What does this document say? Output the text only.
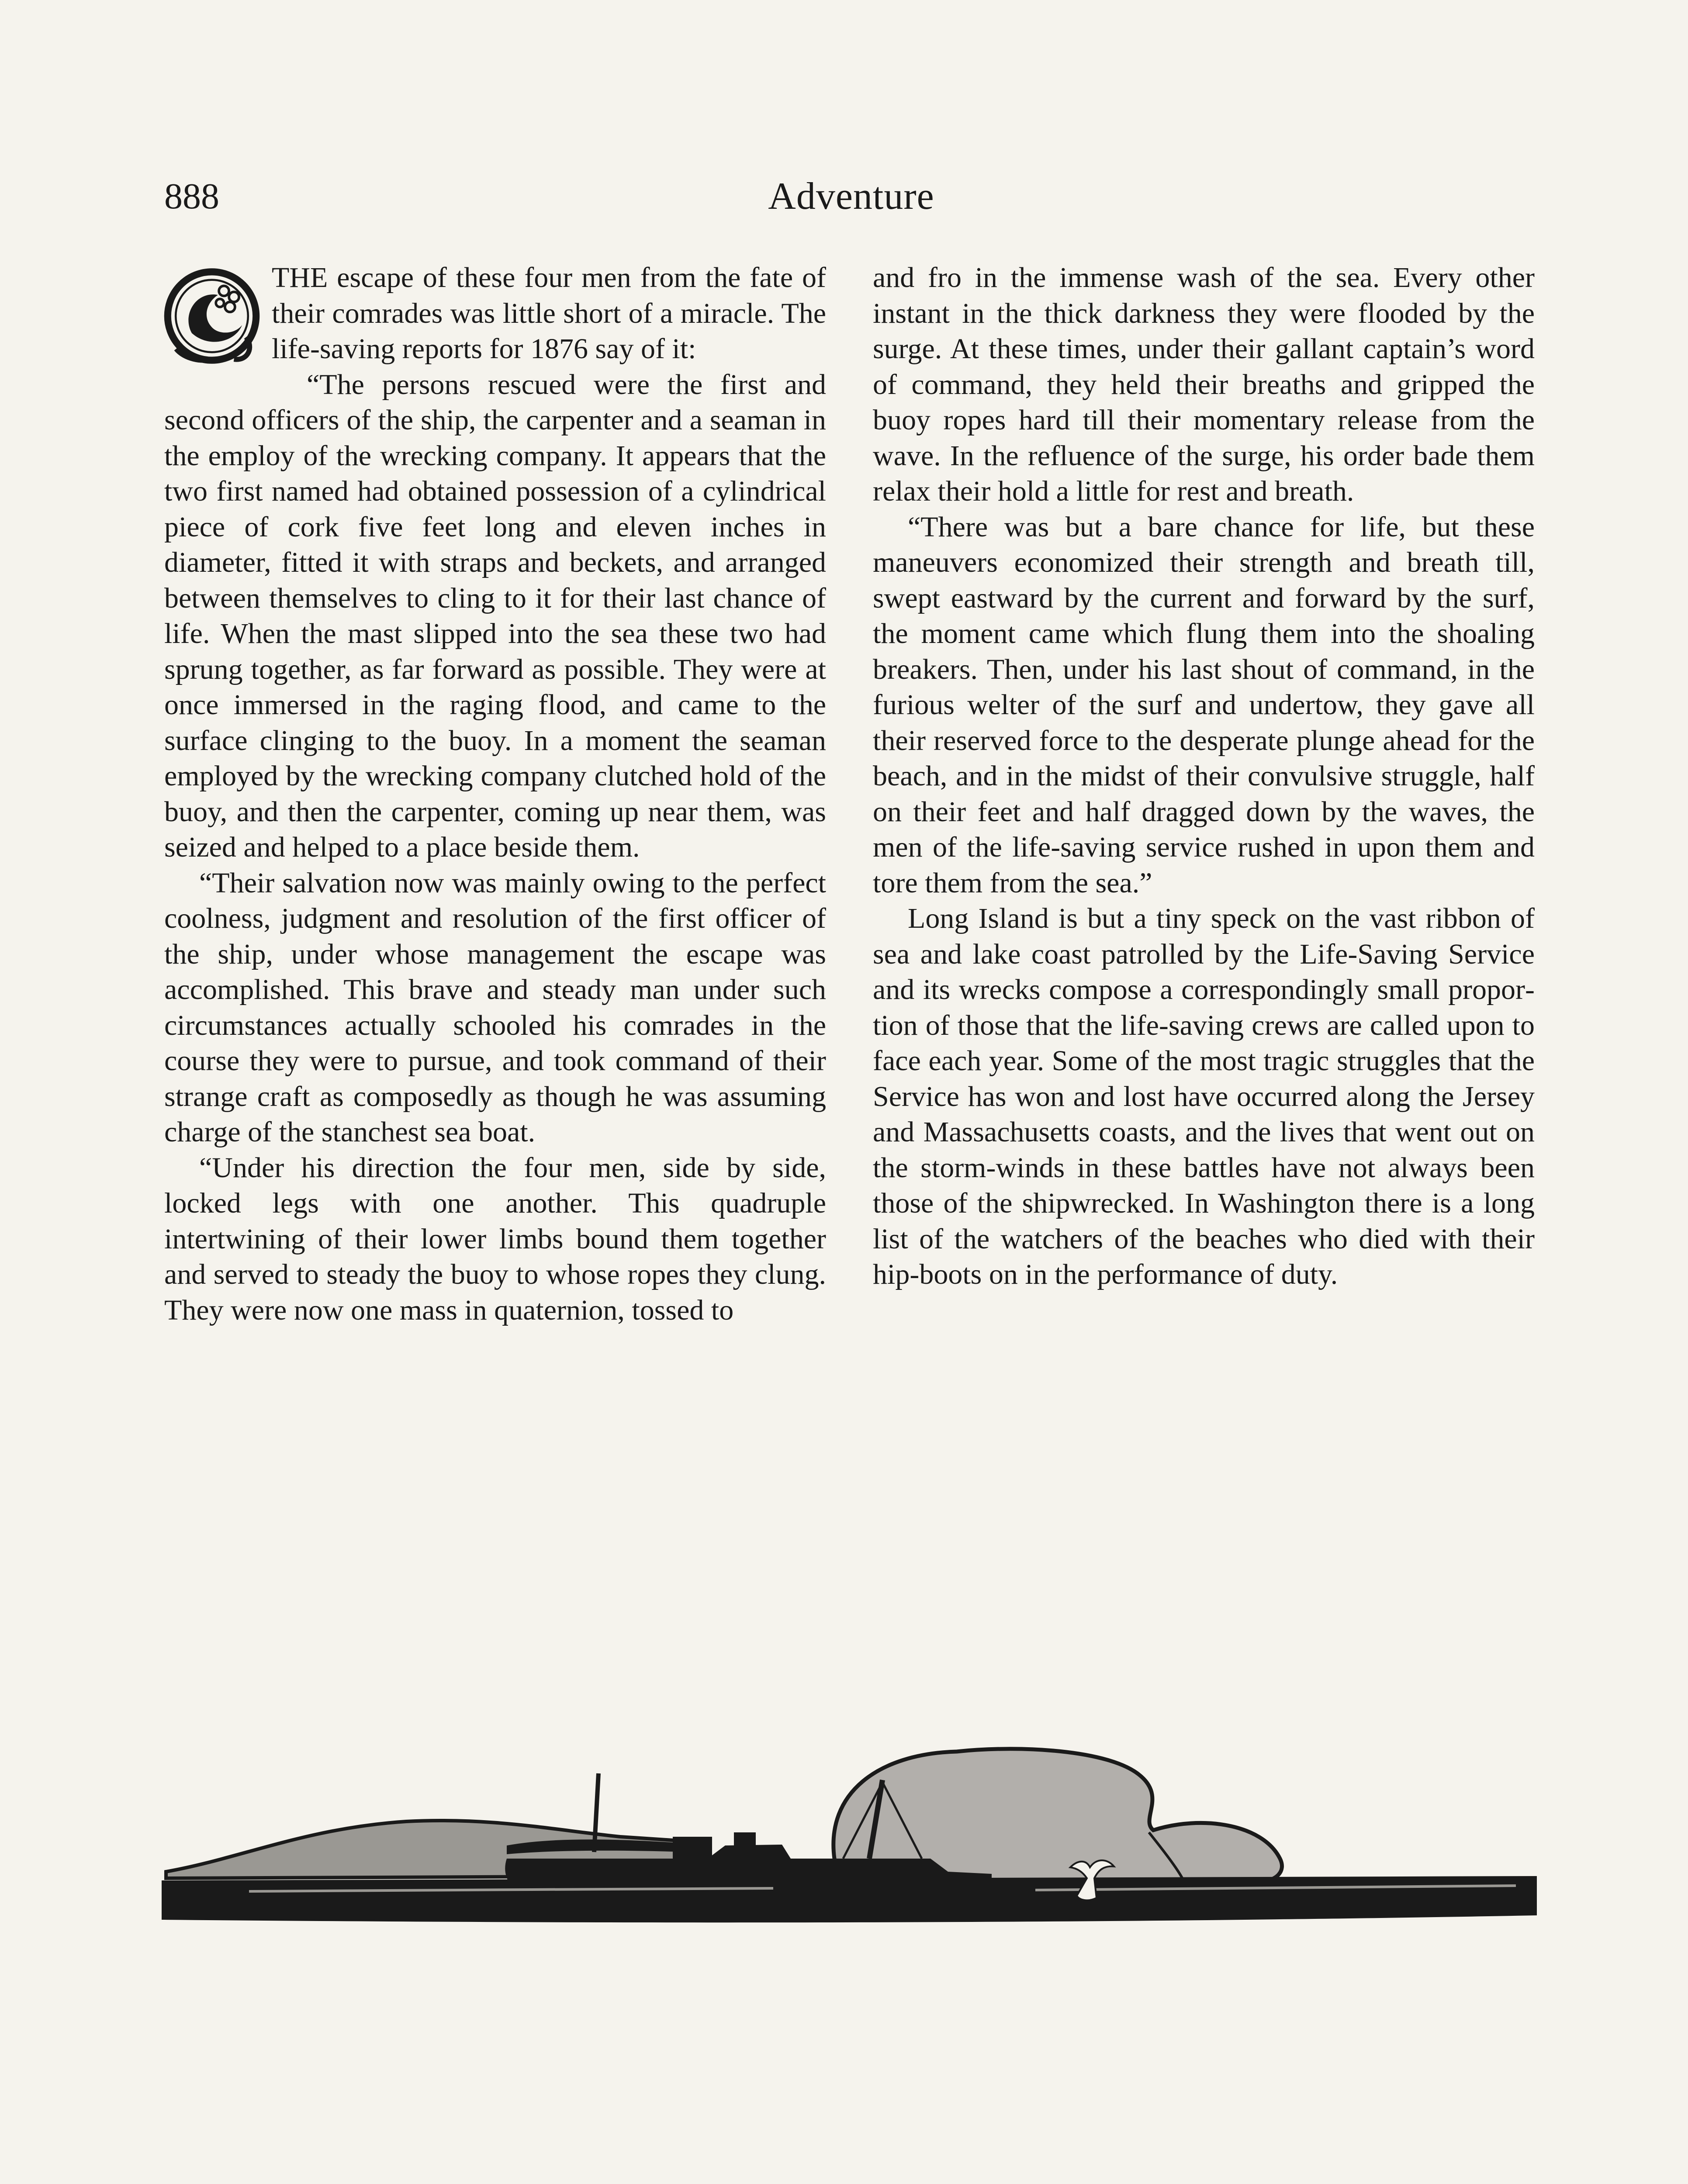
888	Adventure

THE escape of these four men from the fate of their comrades was little short of a miracle. The life-saving reports for 1876 say of it:

“The persons rescued were the first and second officers of the ship, the carpenter and a seaman in the employ of the wrecking company. It appears that the two first named had obtained possession of a cylindrical piece of cork five feet long and eleven inches in diameter, fitted it with straps and beckets, and arranged between themselves to cling to it for their last chance of life. When the mast slipped into the sea these two had sprung together, as far forward as possible. They were at once immersed in the raging flood, and came to the surface clinging to the buoy. In a moment the seaman employed by the wrecking company clutched hold of the buoy, and then the carpenter, coming up near them, was seized and helped to a place beside them.

“Their salvation now was mainly owing to the perfect coolness, judgment and resolution of the first officer of the ship, under whose management the escape was accomplished. This brave and steady man under such circumstances actually schooled his comrades in the course they were to pursue, and took command of their strange craft as composedly as though he was assuming charge of the stanchest sea boat.

“Under his direction the four men, side by side, locked legs with one another. This quadruple intertwining of their lower limbs bound them together and served to steady the buoy to whose ropes they clung. They were now one mass in quaternion, tossed to

and fro in the immense wash of the sea. Every other instant in the thick darkness they were flooded by the surge. At these times, under their gallant captain’s word of command, they held their breaths and gripped the buoy ropes hard till their momentary release from the wave. In the refluence of the surge, his order bade them relax their hold a little for rest and breath.

“There was but a bare chance for life, but these maneuvers economized their strength and breath till, swept eastward by the current and forward by the surf, the moment came which flung them into the shoaling breakers. Then, under his last shout of command, in the furious welter of the surf and undertow, they gave all their reserved force to the desperate plunge ahead for the beach, and in the midst of their convulsive struggle, half on their feet and half dragged down by the waves, the men of the life-saving service rushed in upon them and tore them from the sea.”

Long Island is but a tiny speck on the vast ribbon of sea and lake coast patrolled by the Life-Saving Service and its wrecks compose a correspondingly small proportion of those that the life-saving crews are called upon to face each year. Some of the most tragic struggles that the Service has won and lost have occurred along the Jersey and Massachusetts coasts, and the lives that went out on the storm-winds in these battles have not always been those of the shipwrecked. In Washington there is a long list of the watchers of the beaches who died with their hip-boots on in the performance of duty.
